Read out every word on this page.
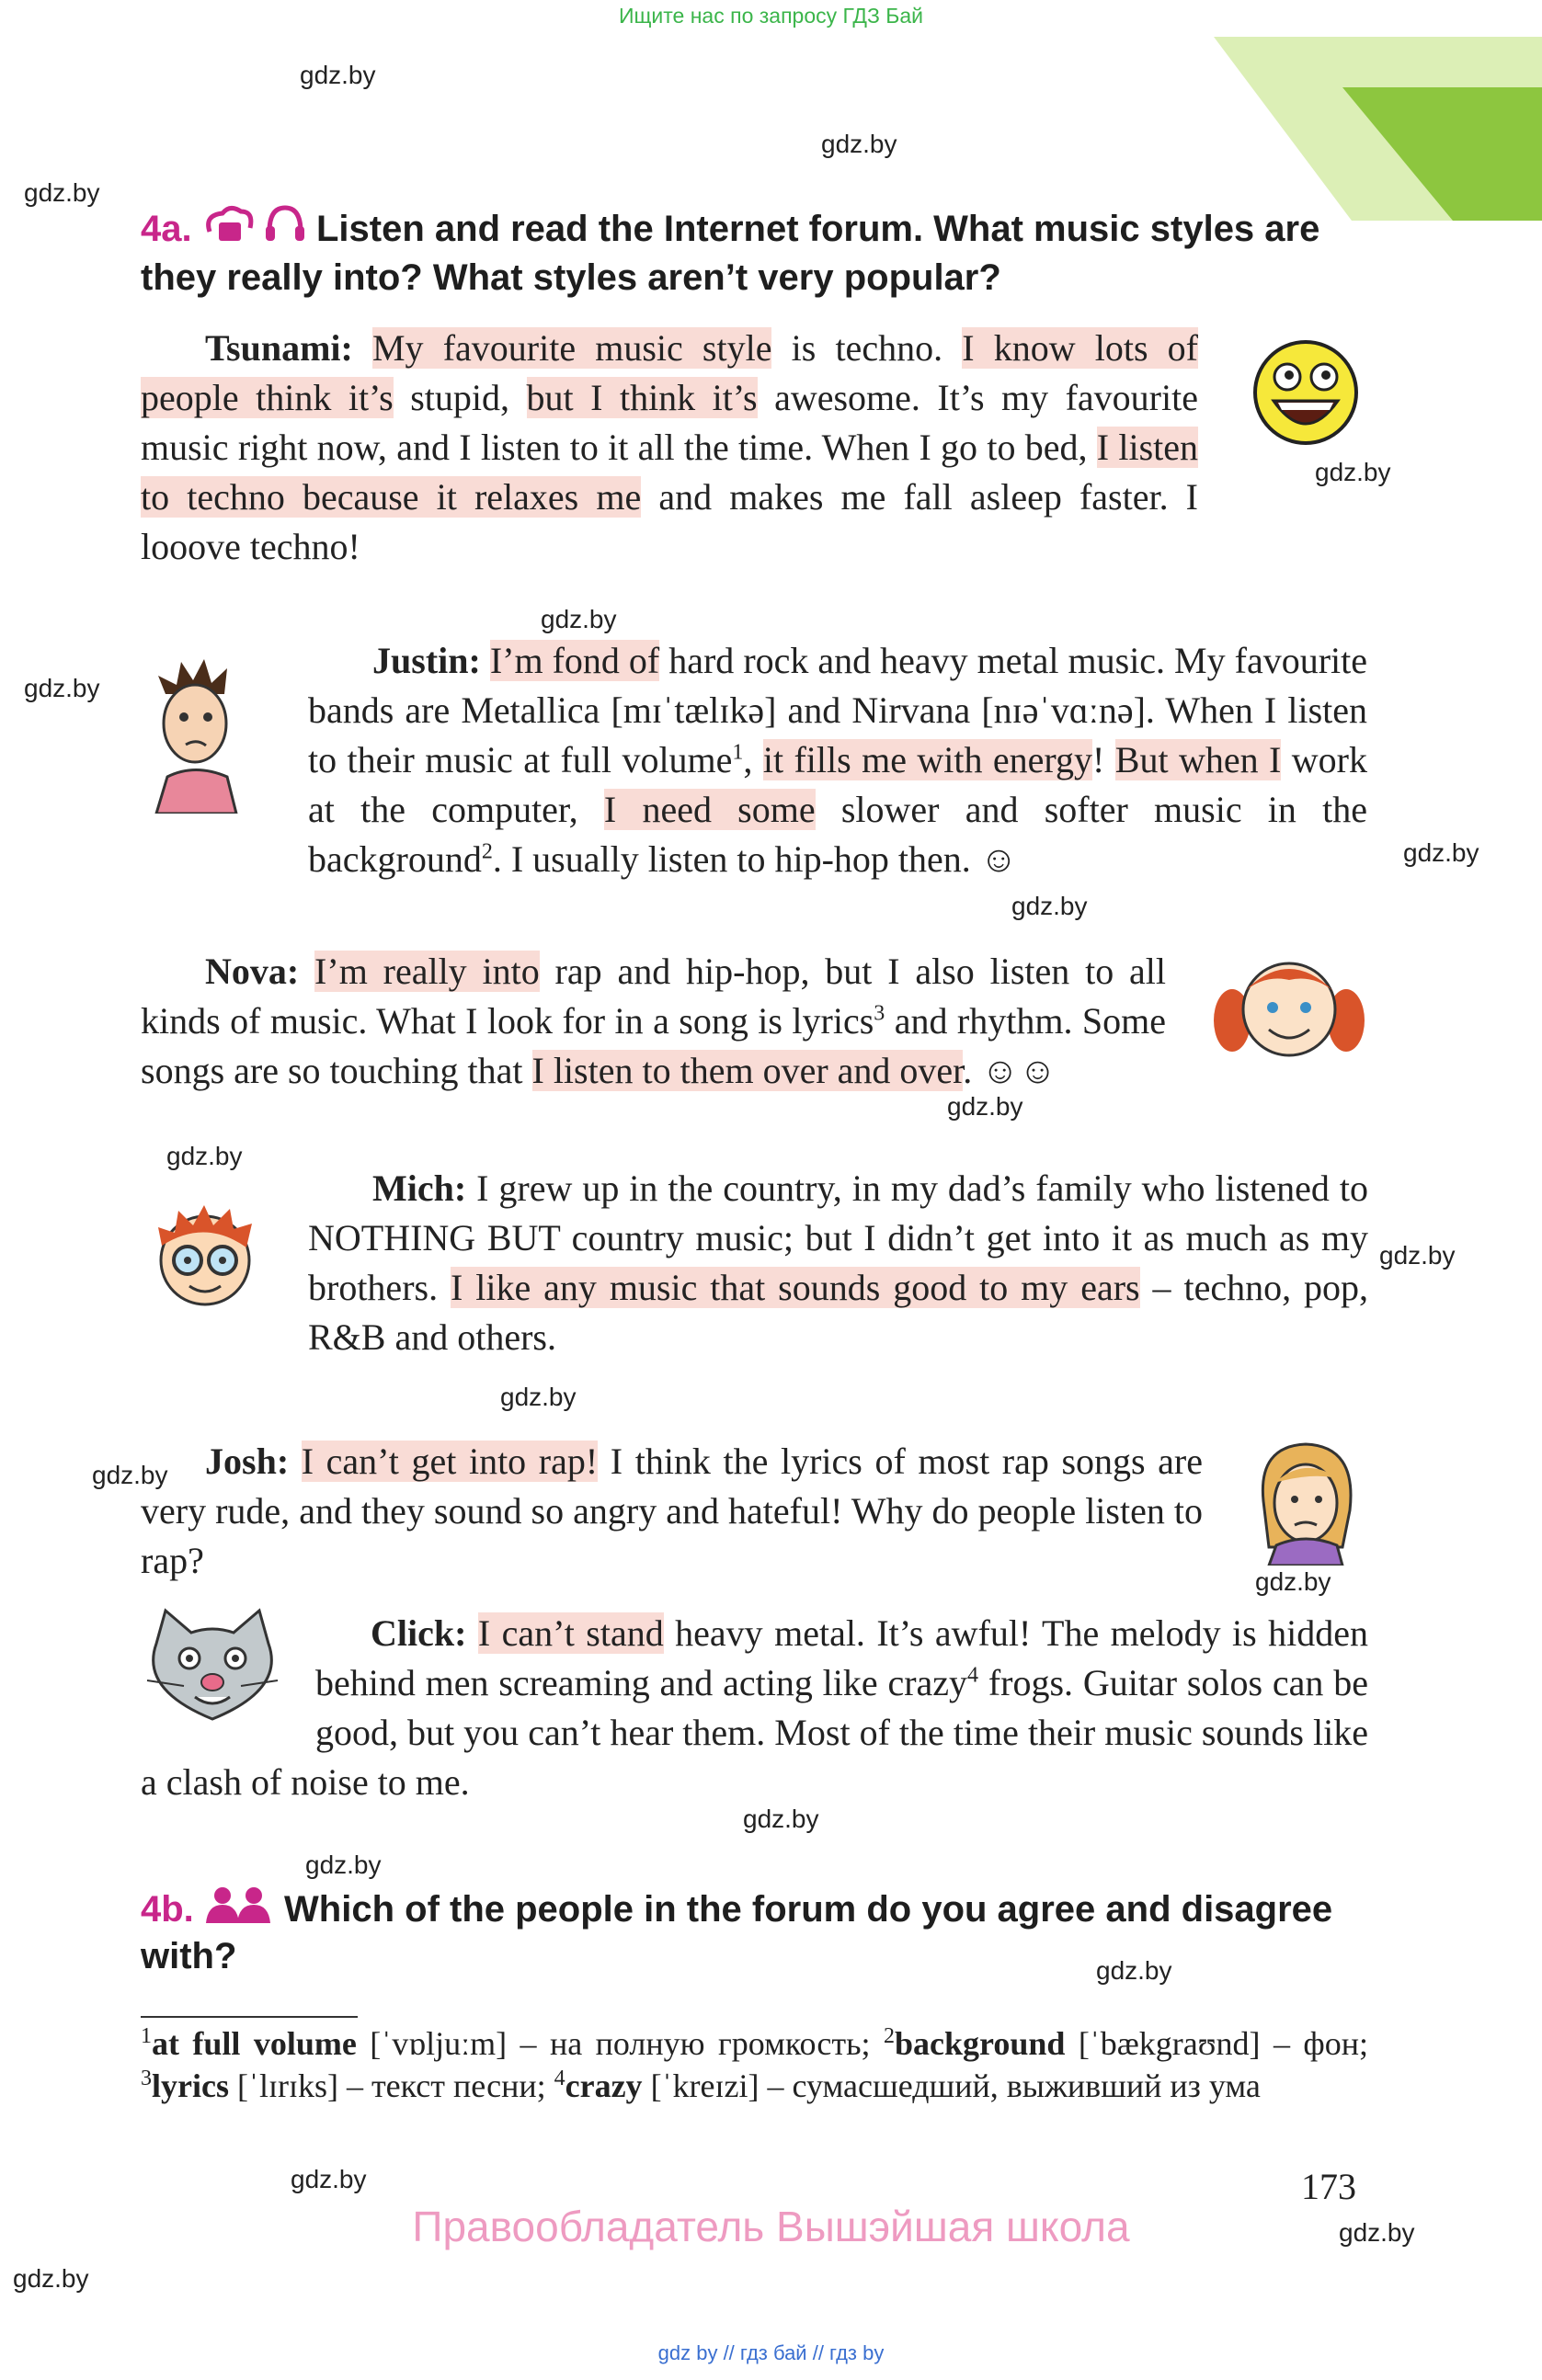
Ищите нас по запросу ГДЗ Бай
gdz.by
gdz.by
gdz.by
gdz.by
gdz.by
gdz.by
gdz.by
gdz.by
gdz.by
gdz.by
gdz.by
gdz.by
gdz.by
gdz.by
gdz.by
gdz.by
gdz.by
gdz.by
gdz.by
gdz.by
4a.	Listen and read the Internet forum. What music styles are
they really into? What styles aren’t very popular?
Tsunami: My favourite music style is techno. I know lots of people think it’s stupid, but I think it’s awesome. It’s my favourite music right now, and I listen to it all the time. When I go to bed, I listen to techno because it relaxes me and makes me fall asleep faster. I looove techno!
Justin: I’m fond of hard rock and heavy metal music. My favourite bands are Metallica [mɪˈtælɪkə] and Nirvana [nɪəˈvɑːnə]. When I listen to their music at full volume$^1$, it fills me with energy! But when I work at the computer, I need some slower and softer music in the background$^2$. I usually listen to hip-hop then. ☺
Nova: I’m really into rap and hip-hop, but I also listen to all kinds of music. What I look for in a song is lyrics$^3$ and rhythm. Some songs are so touching that I listen to them over and over. ☺☺
Mich: I grew up in the country, in my dad’s family who listened to NOTHING BUT country music; but I didn’t get into it as much as my brothers. I like any music that sounds good to my ears – techno, pop, R&B and others.
Josh: I can’t get into rap! I think the lyrics of most rap songs are very rude, and they sound so angry and hateful! Why do people listen to rap?
Click: I can’t stand heavy metal. It’s awful! The melody is hidden behind men screaming and acting like crazy$^4$ frogs. Guitar solos can be good, but you can’t hear them. Most of the time their music sounds like a clash of noise to me.
4b. Which of the people in the forum do you agree and disagree
with?
$^1$at full volume [ˈvɒljuːm] – на полную громкость; $^2$background [ˈbækgraʊnd] – фон; $^3$lyrics [ˈlɪrɪks] – текст песни; $^4$crazy [ˈkreɪzi] – сумасшедший, выживший из ума
173
Правообладатель Вышэйшая школа
gdz by // гдз бай // гдз by
